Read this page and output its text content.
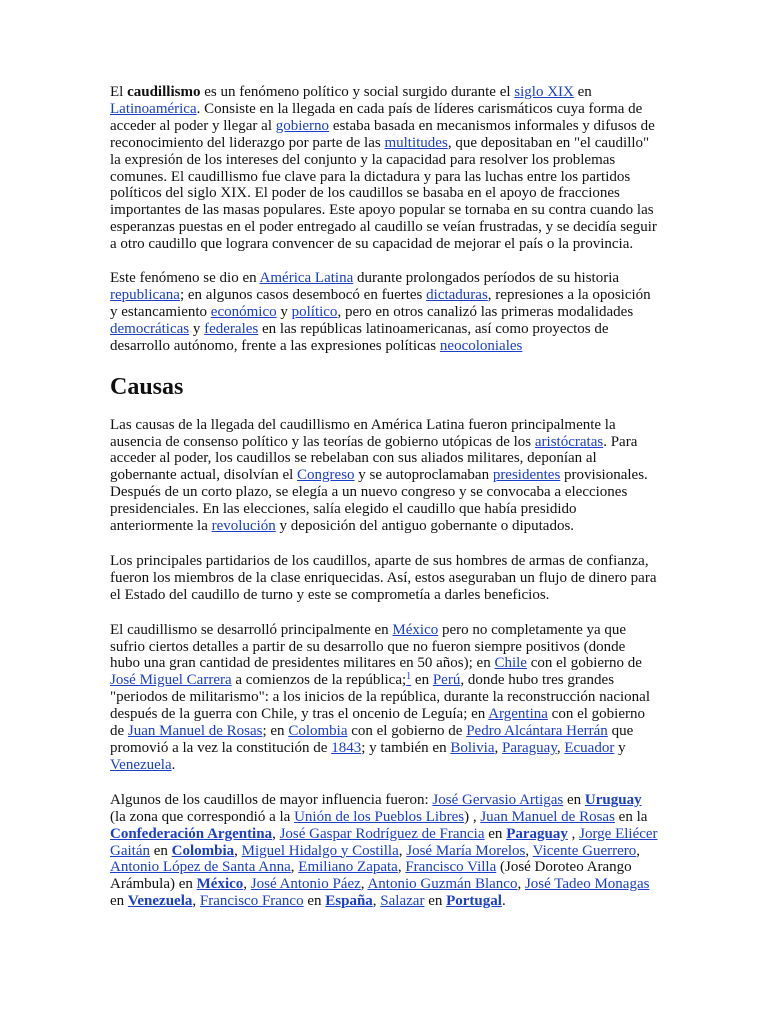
El caudillismo es un fenómeno político y social surgido durante el siglo XIX en Latinoamérica. Consiste en la llegada en cada país de líderes carismáticos cuya forma de acceder al poder y llegar al gobierno estaba basada en mecanismos informales y difusos de reconocimiento del liderazgo por parte de las multitudes, que depositaban en "el caudillo" la expresión de los intereses del conjunto y la capacidad para resolver los problemas comunes. El caudillismo fue clave para la dictadura y para las luchas entre los partidos políticos del siglo XIX. El poder de los caudillos se basaba en el apoyo de fracciones importantes de las masas populares. Este apoyo popular se tornaba en su contra cuando las esperanzas puestas en el poder entregado al caudillo se veían frustradas, y se decidía seguir a otro caudillo que lograra convencer de su capacidad de mejorar el país o la provincia.

Este fenómeno se dio en América Latina durante prolongados períodos de su historia republicana; en algunos casos desembocó en fuertes dictaduras, represiones a la oposición y estancamiento económico y político, pero en otros canalizó las primeras modalidades democráticas y federales en las repúblicas latinoamericanas, así como proyectos de desarrollo autónomo, frente a las expresiones políticas neocoloniales

Causas

Las causas de la llegada del caudillismo en América Latina fueron principalmente la ausencia de consenso político y las teorías de gobierno utópicas de los aristócratas. Para acceder al poder, los caudillos se rebelaban con sus aliados militares, deponían al gobernante actual, disolvían el Congreso y se autoproclamaban presidentes provisionales. Después de un corto plazo, se elegía a un nuevo congreso y se convocaba a elecciones presidenciales. En las elecciones, salía elegido el caudillo que había presidido anteriormente la revolución y deposición del antiguo gobernante o diputados.

Los principales partidarios de los caudillos, aparte de sus hombres de armas de confianza, fueron los miembros de la clase enriquecidas. Así, estos aseguraban un flujo de dinero para el Estado del caudillo de turno y este se comprometía a darles beneficios.

El caudillismo se desarrolló principalmente en México pero no completamente ya que sufrio ciertos detalles a partir de su desarrollo que no fueron siempre positivos (donde hubo una gran cantidad de presidentes militares en 50 años); en Chile con el gobierno de José Miguel Carrera a comienzos de la república;$^1$ en Perú, donde hubo tres grandes "periodos de militarismo": a los inicios de la república, durante la reconstrucción nacional después de la guerra con Chile, y tras el oncenio de Leguía; en Argentina con el gobierno de Juan Manuel de Rosas; en Colombia con el gobierno de Pedro Alcántara Herrán que promovió a la vez la constitución de 1843; y también en Bolivia, Paraguay, Ecuador y Venezuela.

Algunos de los caudillos de mayor influencia fueron: José Gervasio Artigas en Uruguay (la zona que correspondió a la Unión de los Pueblos Libres) , Juan Manuel de Rosas en la Confederación Argentina, José Gaspar Rodríguez de Francia en Paraguay , Jorge Eliécer Gaitán en Colombia, Miguel Hidalgo y Costilla, José María Morelos, Vicente Guerrero, Antonio López de Santa Anna, Emiliano Zapata, Francisco Villa (José Doroteo Arango Arámbula) en México, José Antonio Páez, Antonio Guzmán Blanco, José Tadeo Monagas en Venezuela, Francisco Franco en España, Salazar en Portugal.
